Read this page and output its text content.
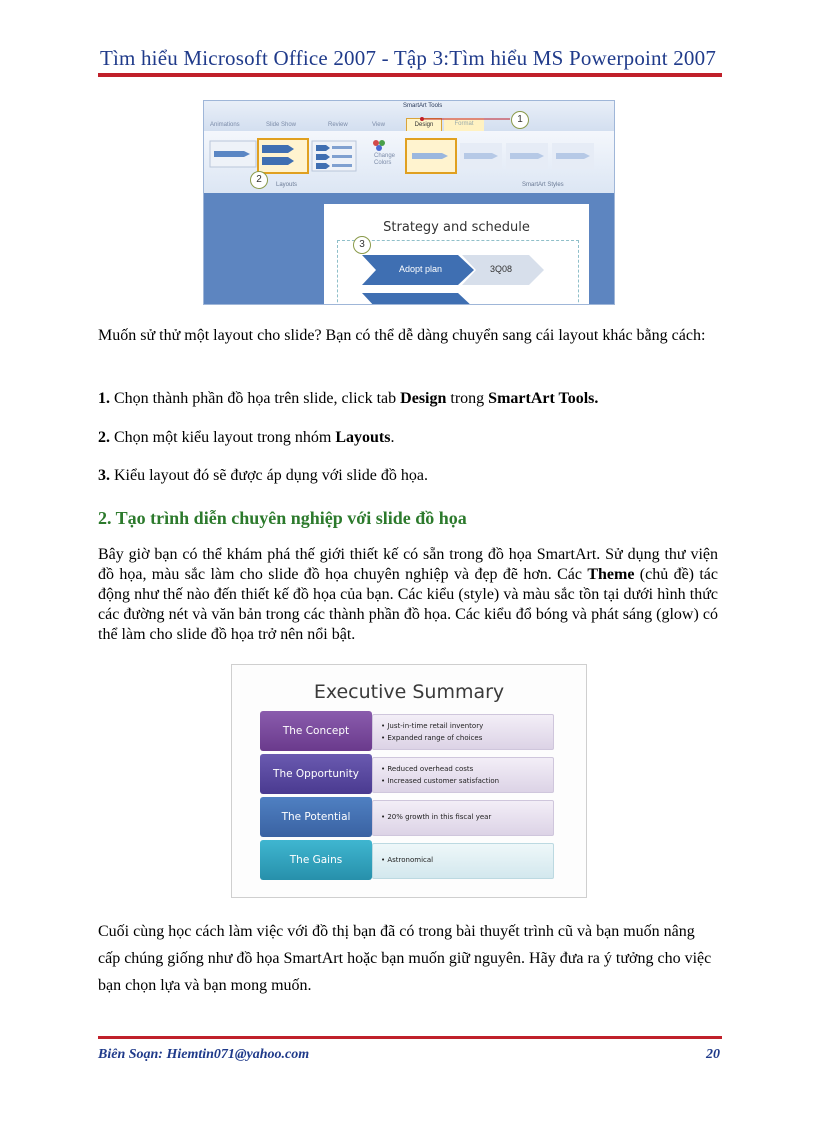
Tìm hiểu Microsoft Office 2007 - Tập 3:Tìm hiểu MS Powerpoint 2007
SmartArt Tools
Animations	Slide Show	Review	View	Design	Format	1
Change Colors
Layouts	SmartArt Styles
2
Strategy and schedule
Adopt plan	3Q08
3
Muốn sử thử một layout cho slide? Bạn có thể dễ dàng chuyển sang cái layout khác bằng cách:
1. Chọn thành phần đồ họa trên slide, click tab Design trong SmartArt Tools.
2. Chọn một kiểu layout trong nhóm Layouts.
3. Kiểu layout đó sẽ được áp dụng với slide đồ họa.
2. Tạo trình diễn chuyên nghiệp với slide đồ họa
Bây giờ bạn có thể khám phá thế giới thiết kế có sẵn trong đồ họa SmartArt. Sử dụng thư viện đồ họa, màu sắc làm cho slide đồ họa chuyên nghiệp và đẹp đẽ hơn. Các Theme (chủ đề) tác động như thế nào đến thiết kế đồ họa của bạn. Các kiểu (style) và màu sắc tồn tại dưới hình thức các đường nét và văn bản trong các thành phần đồ họa. Các kiểu đổ bóng và phát sáng (glow) có thể làm cho slide đồ họa trở nên nổi bật.
Executive Summary
• Just-in-time retail inventory
• Expanded range of choices
The Concept
• Reduced overhead costs
• Increased customer satisfaction
The Opportunity
• 20% growth in this fiscal year
The Potential
• Astronomical
The Gains
Cuối cùng học cách làm việc với đồ thị bạn đã có trong bài thuyết trình cũ và bạn muốn nâng cấp chúng giống như đồ họa SmartArt hoặc bạn muốn giữ nguyên. Hãy đưa ra ý tưởng cho việc bạn chọn lựa và bạn mong muốn.
Biên Soạn: Hiemtin071@yahoo.com	20
